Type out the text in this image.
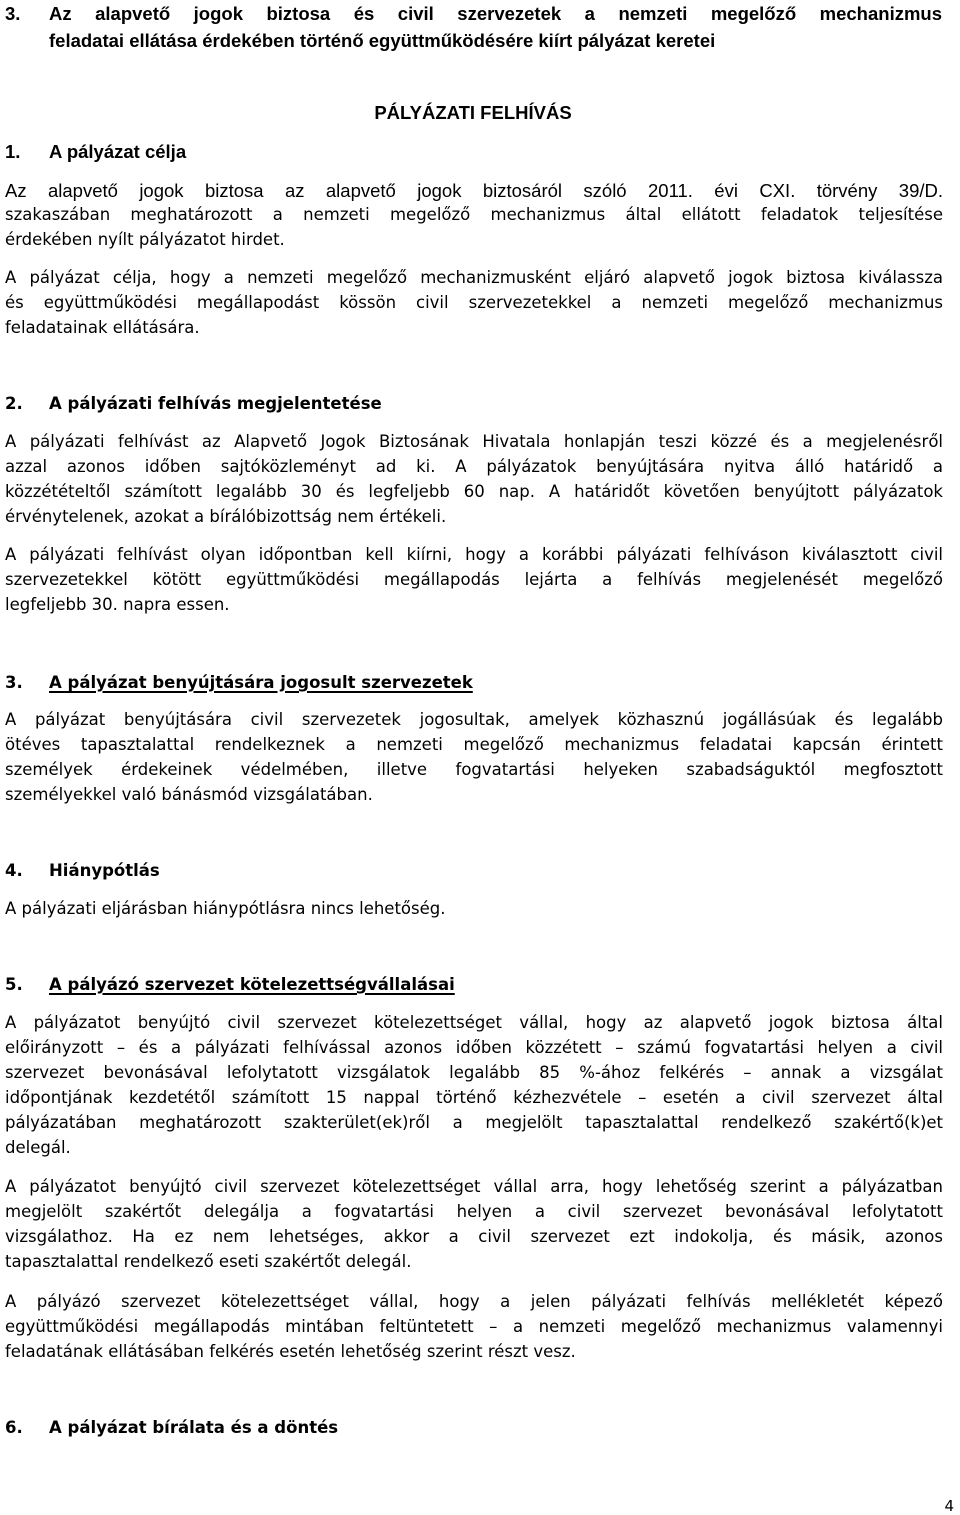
3. Az alapvető jogok biztosa és civil szervezetek a nemzeti megelőző mechanizmus

feladatai ellátása érdekében történő együttműködésére kiírt pályázat keretei

PÁLYÁZATI FELHÍVÁS

1. A pályázat célja

Az alapvető jogok biztosa az alapvető jogok biztosáról szóló 2011. évi CXI. törvény 39/D.

szakaszában meghatározott a nemzeti megelőző mechanizmus által ellátott feladatok teljesítése

érdekében nyílt pályázatot hirdet.

A pályázat célja, hogy a nemzeti megelőző mechanizmusként eljáró alapvető jogok biztosa kiválassza

és együttműködési megállapodást kössön civil szervezetekkel a nemzeti megelőző mechanizmus

feladatainak ellátására.

2. A pályázati felhívás megjelentetése

A pályázati felhívást az Alapvető Jogok Biztosának Hivatala honlapján teszi közzé és a megjelenésről

azzal azonos időben sajtóközleményt ad ki. A pályázatok benyújtására nyitva álló határidő a

közzétételtől számított legalább 30 és legfeljebb 60 nap. A határidőt követően benyújtott pályázatok

érvénytelenek, azokat a bírálóbizottság nem értékeli.

A pályázati felhívást olyan időpontban kell kiírni, hogy a korábbi pályázati felhíváson kiválasztott civil

szervezetekkel kötött együttműködési megállapodás lejárta a felhívás megjelenését megelőző

legfeljebb 30. napra essen.

3. A pályázat benyújtására jogosult szervezetek

A pályázat benyújtására civil szervezetek jogosultak, amelyek közhasznú jogállásúak és legalább

ötéves tapasztalattal rendelkeznek a nemzeti megelőző mechanizmus feladatai kapcsán érintett

személyek érdekeinek védelmében, illetve fogvatartási helyeken szabadságuktól megfosztott

személyekkel való bánásmód vizsgálatában.

4. Hiánypótlás

A pályázati eljárásban hiánypótlásra nincs lehetőség.

5. A pályázó szervezet kötelezettségvállalásai

A pályázatot benyújtó civil szervezet kötelezettséget vállal, hogy az alapvető jogok biztosa által

előirányzott – és a pályázati felhívással azonos időben közzétett – számú fogvatartási helyen a civil

szervezet bevonásával lefolytatott vizsgálatok legalább 85 %-ához felkérés – annak a vizsgálat

időpontjának kezdetétől számított 15 nappal történő kézhezvétele – esetén a civil szervezet által

pályázatában meghatározott szakterület(ek)ről a megjelölt tapasztalattal rendelkező szakértő(k)et

delegál.

A pályázatot benyújtó civil szervezet kötelezettséget vállal arra, hogy lehetőség szerint a pályázatban

megjelölt szakértőt delegálja a fogvatartási helyen a civil szervezet bevonásával lefolytatott

vizsgálathoz. Ha ez nem lehetséges, akkor a civil szervezet ezt indokolja, és másik, azonos

tapasztalattal rendelkező eseti szakértőt delegál.

A pályázó szervezet kötelezettséget vállal, hogy a jelen pályázati felhívás mellékletét képező

együttműködési megállapodás mintában feltüntetett – a nemzeti megelőző mechanizmus valamennyi

feladatának ellátásában felkérés esetén lehetőség szerint részt vesz.

6. A pályázat bírálata és a döntés
4
